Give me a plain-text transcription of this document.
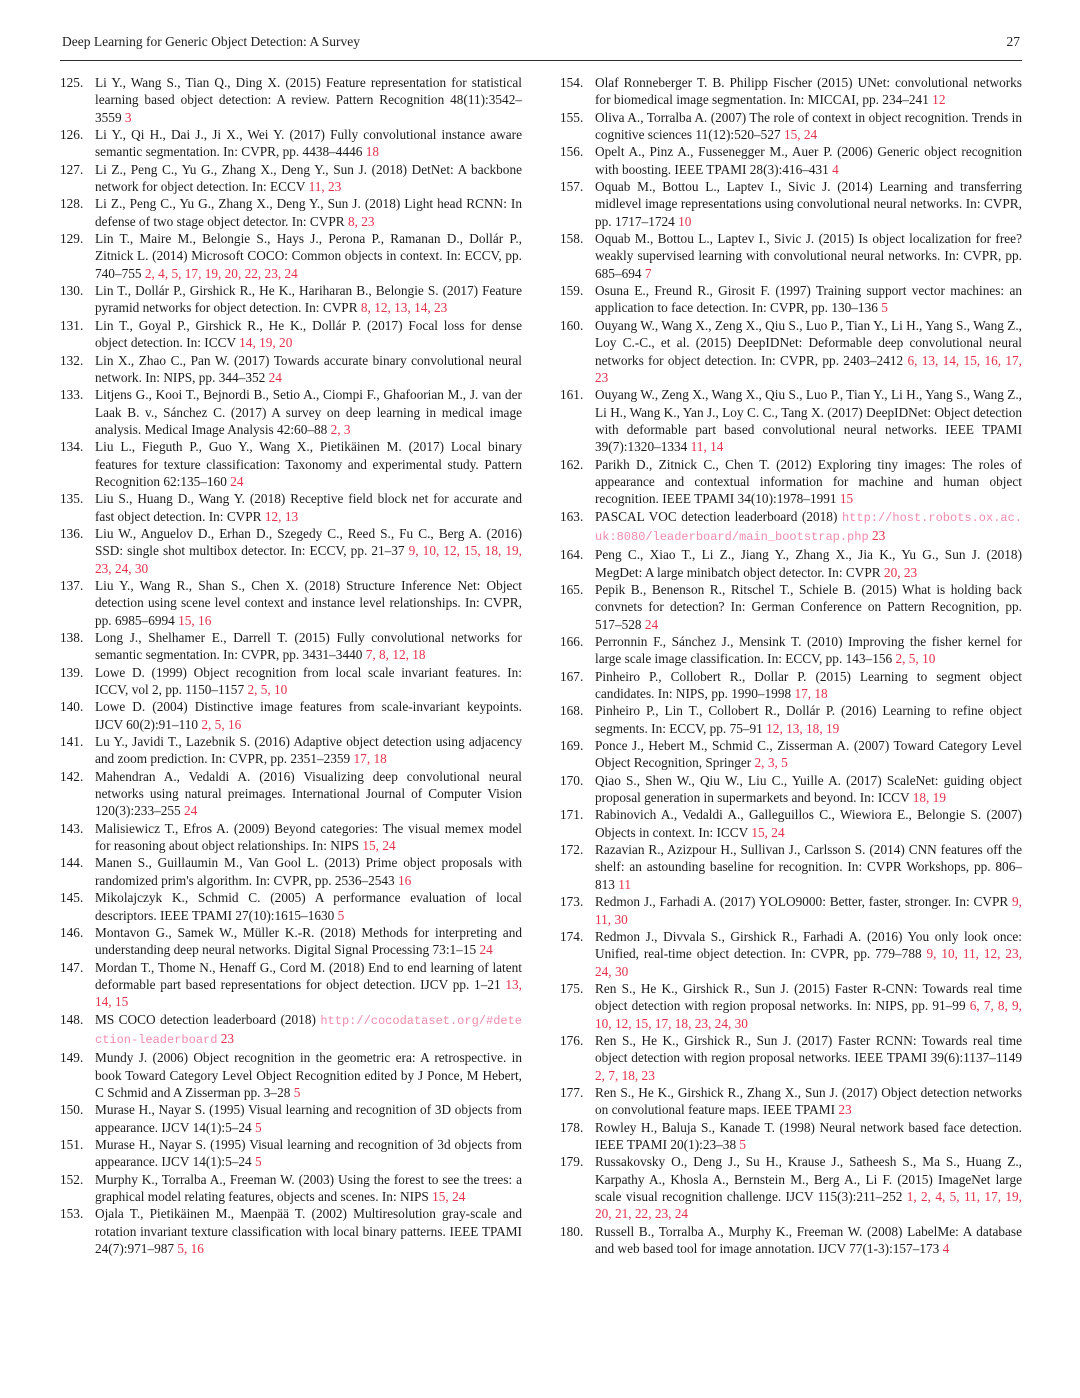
Deep Learning for Generic Object Detection: A Survey	27
125. Li Y., Wang S., Tian Q., Ding X. (2015) Feature representation for statistical learning based object detection: A review. Pattern Recognition 48(11):3542–3559 3
126. Li Y., Qi H., Dai J., Ji X., Wei Y. (2017) Fully convolutional instance aware semantic segmentation. In: CVPR, pp. 4438–4446 18
127. Li Z., Peng C., Yu G., Zhang X., Deng Y., Sun J. (2018) DetNet: A backbone network for object detection. In: ECCV 11, 23
128. Li Z., Peng C., Yu G., Zhang X., Deng Y., Sun J. (2018) Light head RCNN: In defense of two stage object detector. In: CVPR 8, 23
129. Lin T., Maire M., Belongie S., Hays J., Perona P., Ramanan D., Dollár P., Zitnick L. (2014) Microsoft COCO: Common objects in context. In: ECCV, pp. 740–755 2, 4, 5, 17, 19, 20, 22, 23, 24
130. Lin T., Dollár P., Girshick R., He K., Hariharan B., Belongie S. (2017) Feature pyramid networks for object detection. In: CVPR 8, 12, 13, 14, 23
131. Lin T., Goyal P., Girshick R., He K., Dollár P. (2017) Focal loss for dense object detection. In: ICCV 14, 19, 20
132. Lin X., Zhao C., Pan W. (2017) Towards accurate binary convolutional neural network. In: NIPS, pp. 344–352 24
133. Litjens G., Kooi T., Bejnordi B., Setio A., Ciompi F., Ghafoorian M., J. van der Laak B. v., Sánchez C. (2017) A survey on deep learning in medical image analysis. Medical Image Analysis 42:60–88 2, 3
134. Liu L., Fieguth P., Guo Y., Wang X., Pietikäinen M. (2017) Local binary features for texture classification: Taxonomy and experimental study. Pattern Recognition 62:135–160 24
135. Liu S., Huang D., Wang Y. (2018) Receptive field block net for accurate and fast object detection. In: CVPR 12, 13
136. Liu W., Anguelov D., Erhan D., Szegedy C., Reed S., Fu C., Berg A. (2016) SSD: single shot multibox detector. In: ECCV, pp. 21–37 9, 10, 12, 15, 18, 19, 23, 24, 30
137. Liu Y., Wang R., Shan S., Chen X. (2018) Structure Inference Net: Object detection using scene level context and instance level relationships. In: CVPR, pp. 6985–6994 15, 16
138. Long J., Shelhamer E., Darrell T. (2015) Fully convolutional networks for semantic segmentation. In: CVPR, pp. 3431–3440 7, 8, 12, 18
139. Lowe D. (1999) Object recognition from local scale invariant features. In: ICCV, vol 2, pp. 1150–1157 2, 5, 10
140. Lowe D. (2004) Distinctive image features from scale-invariant keypoints. IJCV 60(2):91–110 2, 5, 16
141. Lu Y., Javidi T., Lazebnik S. (2016) Adaptive object detection using adjacency and zoom prediction. In: CVPR, pp. 2351–2359 17, 18
142. Mahendran A., Vedaldi A. (2016) Visualizing deep convolutional neural networks using natural preimages. International Journal of Computer Vision 120(3):233–255 24
143. Malisiewicz T., Efros A. (2009) Beyond categories: The visual memex model for reasoning about object relationships. In: NIPS 15, 24
144. Manen S., Guillaumin M., Van Gool L. (2013) Prime object proposals with randomized prim's algorithm. In: CVPR, pp. 2536–2543 16
145. Mikolajczyk K., Schmid C. (2005) A performance evaluation of local descriptors. IEEE TPAMI 27(10):1615–1630 5
146. Montavon G., Samek W., Müller K.-R. (2018) Methods for interpreting and understanding deep neural networks. Digital Signal Processing 73:1–15 24
147. Mordan T., Thome N., Henaff G., Cord M. (2018) End to end learning of latent deformable part based representations for object detection. IJCV pp. 1–21 13, 14, 15
148. MS COCO detection leaderboard (2018) http://cocodataset.org/#detection-leaderboard 23
149. Mundy J. (2006) Object recognition in the geometric era: A retrospective. in book Toward Category Level Object Recognition edited by J Ponce, M Hebert, C Schmid and A Zisserman pp. 3–28 5
150. Murase H., Nayar S. (1995) Visual learning and recognition of 3D objects from appearance. IJCV 14(1):5–24 5
151. Murase H., Nayar S. (1995) Visual learning and recognition of 3d objects from appearance. IJCV 14(1):5–24 5
152. Murphy K., Torralba A., Freeman W. (2003) Using the forest to see the trees: a graphical model relating features, objects and scenes. In: NIPS 15, 24
153. Ojala T., Pietikäinen M., Maenpää T. (2002) Multiresolution gray-scale and rotation invariant texture classification with local binary patterns. IEEE TPAMI 24(7):971–987 5, 16
154. Olaf Ronneberger T. B. Philipp Fischer (2015) UNet: convolutional networks for biomedical image segmentation. In: MICCAI, pp. 234–241 12
155. Oliva A., Torralba A. (2007) The role of context in object recognition. Trends in cognitive sciences 11(12):520–527 15, 24
156. Opelt A., Pinz A., Fussenegger M., Auer P. (2006) Generic object recognition with boosting. IEEE TPAMI 28(3):416–431 4
157. Oquab M., Bottou L., Laptev I., Sivic J. (2014) Learning and transferring midlevel image representations using convolutional neural networks. In: CVPR, pp. 1717–1724 10
158. Oquab M., Bottou L., Laptev I., Sivic J. (2015) Is object localization for free? weakly supervised learning with convolutional neural networks. In: CVPR, pp. 685–694 7
159. Osuna E., Freund R., Girosit F. (1997) Training support vector machines: an application to face detection. In: CVPR, pp. 130–136 5
160. Ouyang W., Wang X., Zeng X., Qiu S., Luo P., Tian Y., Li H., Yang S., Wang Z., Loy C.-C., et al. (2015) DeepIDNet: Deformable deep convolutional neural networks for object detection. In: CVPR, pp. 2403–2412 6, 13, 14, 15, 16, 17, 23
161. Ouyang W., Zeng X., Wang X., Qiu S., Luo P., Tian Y., Li H., Yang S., Wang Z., Li H., Wang K., Yan J., Loy C. C., Tang X. (2017) DeepIDNet: Object detection with deformable part based convolutional neural networks. IEEE TPAMI 39(7):1320–1334 11, 14
162. Parikh D., Zitnick C., Chen T. (2012) Exploring tiny images: The roles of appearance and contextual information for machine and human object recognition. IEEE TPAMI 34(10):1978–1991 15
163. PASCAL VOC detection leaderboard (2018) http://host.robots.ox.ac.uk:8080/leaderboard/main_bootstrap.php 23
164. Peng C., Xiao T., Li Z., Jiang Y., Zhang X., Jia K., Yu G., Sun J. (2018) MegDet: A large minibatch object detector. In: CVPR 20, 23
165. Pepik B., Benenson R., Ritschel T., Schiele B. (2015) What is holding back convnets for detection? In: German Conference on Pattern Recognition, pp. 517–528 24
166. Perronnin F., Sánchez J., Mensink T. (2010) Improving the fisher kernel for large scale image classification. In: ECCV, pp. 143–156 2, 5, 10
167. Pinheiro P., Collobert R., Dollar P. (2015) Learning to segment object candidates. In: NIPS, pp. 1990–1998 17, 18
168. Pinheiro P., Lin T., Collobert R., Dollár P. (2016) Learning to refine object segments. In: ECCV, pp. 75–91 12, 13, 18, 19
169. Ponce J., Hebert M., Schmid C., Zisserman A. (2007) Toward Category Level Object Recognition, Springer 2, 3, 5
170. Qiao S., Shen W., Qiu W., Liu C., Yuille A. (2017) ScaleNet: guiding object proposal generation in supermarkets and beyond. In: ICCV 18, 19
171. Rabinovich A., Vedaldi A., Galleguillos C., Wiewiora E., Belongie S. (2007) Objects in context. In: ICCV 15, 24
172. Razavian R., Azizpour H., Sullivan J., Carlsson S. (2014) CNN features off the shelf: an astounding baseline for recognition. In: CVPR Workshops, pp. 806–813 11
173. Redmon J., Farhadi A. (2017) YOLO9000: Better, faster, stronger. In: CVPR 9, 11, 30
174. Redmon J., Divvala S., Girshick R., Farhadi A. (2016) You only look once: Unified, real-time object detection. In: CVPR, pp. 779–788 9, 10, 11, 12, 23, 24, 30
175. Ren S., He K., Girshick R., Sun J. (2015) Faster R-CNN: Towards real time object detection with region proposal networks. In: NIPS, pp. 91–99 6, 7, 8, 9, 10, 12, 15, 17, 18, 23, 24, 30
176. Ren S., He K., Girshick R., Sun J. (2017) Faster RCNN: Towards real time object detection with region proposal networks. IEEE TPAMI 39(6):1137–1149 2, 7, 18, 23
177. Ren S., He K., Girshick R., Zhang X., Sun J. (2017) Object detection networks on convolutional feature maps. IEEE TPAMI 23
178. Rowley H., Baluja S., Kanade T. (1998) Neural network based face detection. IEEE TPAMI 20(1):23–38 5
179. Russakovsky O., Deng J., Su H., Krause J., Satheesh S., Ma S., Huang Z., Karpathy A., Khosla A., Bernstein M., Berg A., Li F. (2015) ImageNet large scale visual recognition challenge. IJCV 115(3):211–252 1, 2, 4, 5, 11, 17, 19, 20, 21, 22, 23, 24
180. Russell B., Torralba A., Murphy K., Freeman W. (2008) LabelMe: A database and web based tool for image annotation. IJCV 77(1-3):157–173 4
